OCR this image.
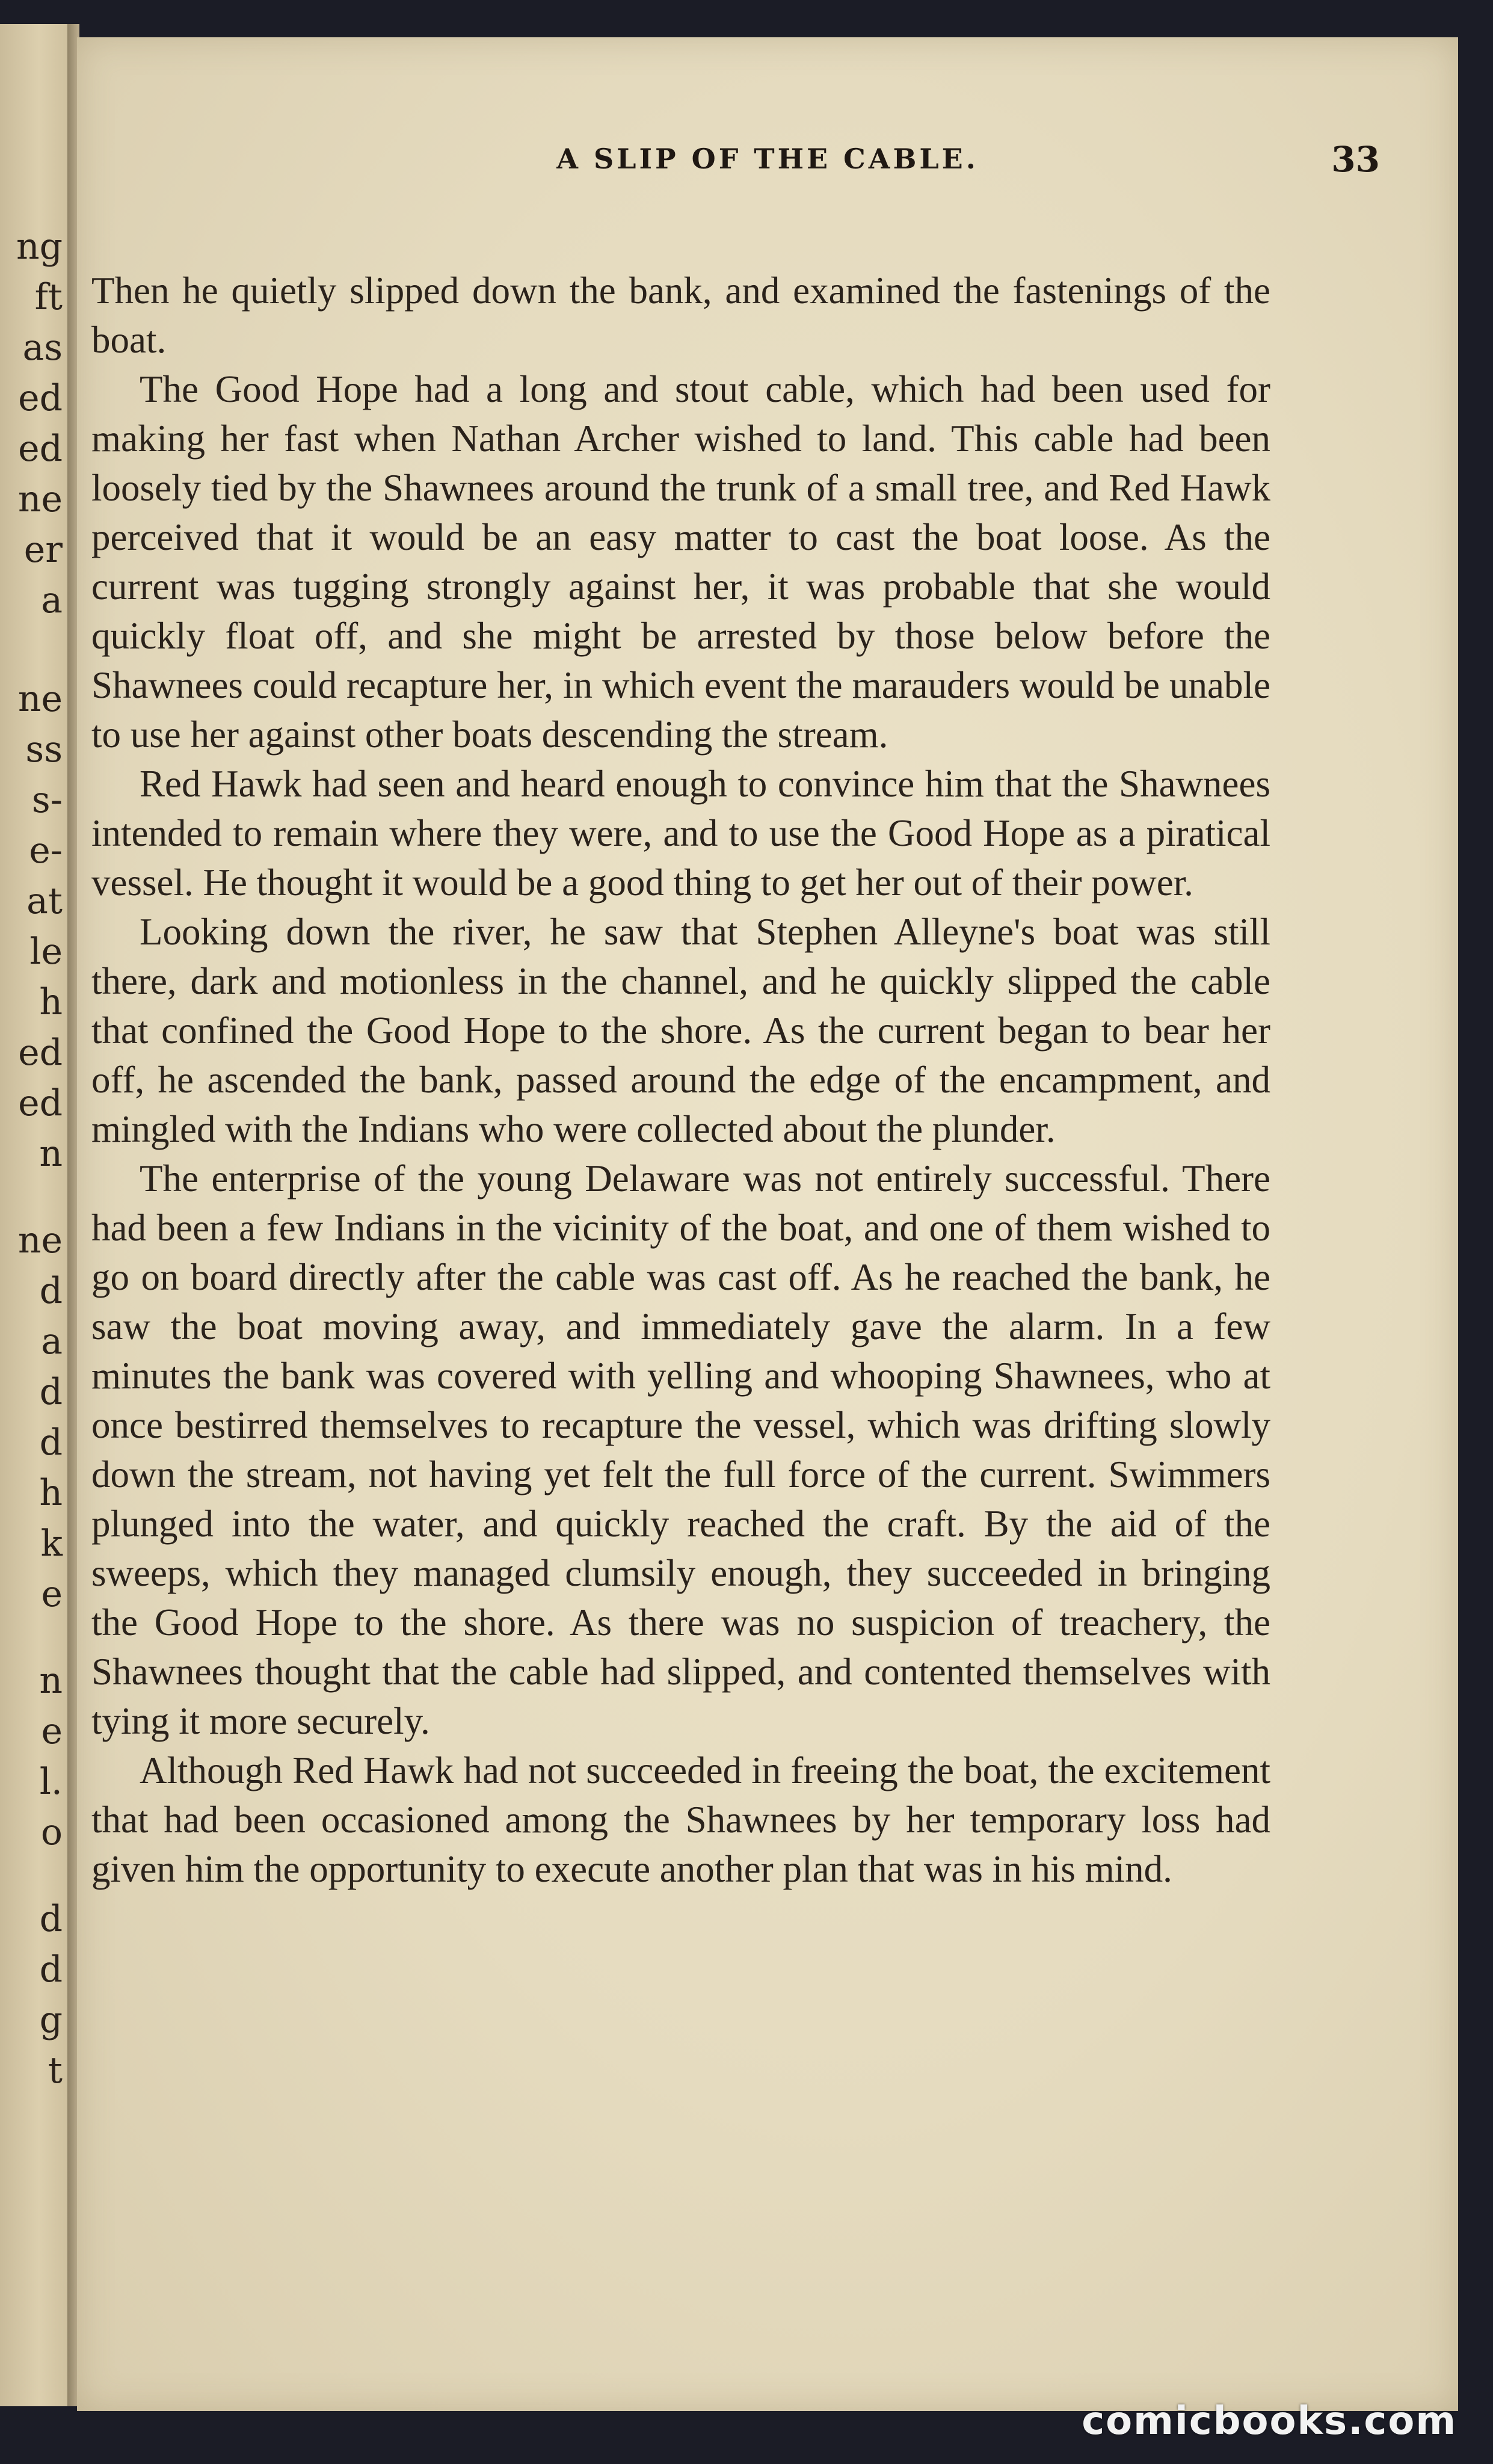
ng
ft
as
ed
ed
ne
er
a
ne
ss
s-
e-
at
le
h
ed
ed
n
ne
d
a
d
d
h
k
e
n
e
l.
o
d
d
g
t
A SLIP OF THE CABLE.	33

Then he quietly slipped down the bank, and examined the fastenings of the boat.

The Good Hope had a long and stout cable, which had been used for making her fast when Nathan Archer wished to land. This cable had been loosely tied by the Shawnees around the trunk of a small tree, and Red Hawk perceived that it would be an easy matter to cast the boat loose. As the current was tugging strongly against her, it was probable that she would quickly float off, and she might be arrested by those below before the Shawnees could recapture her, in which event the marauders would be unable to use her against other boats descending the stream.

Red Hawk had seen and heard enough to convince him that the Shawnees intended to remain where they were, and to use the Good Hope as a piratical vessel. He thought it would be a good thing to get her out of their power.

Looking down the river, he saw that Stephen Alleyne's boat was still there, dark and motionless in the channel, and he quickly slipped the cable that confined the Good Hope to the shore. As the current began to bear her off, he ascended the bank, passed around the edge of the encampment, and mingled with the Indians who were collected about the plunder.

The enterprise of the young Delaware was not entirely successful. There had been a few Indians in the vicinity of the boat, and one of them wished to go on board directly after the cable was cast off. As he reached the bank, he saw the boat moving away, and immediately gave the alarm. In a few minutes the bank was covered with yelling and whooping Shawnees, who at once bestirred themselves to recapture the vessel, which was drifting slowly down the stream, not having yet felt the full force of the current. Swimmers plunged into the water, and quickly reached the craft. By the aid of the sweeps, which they managed clumsily enough, they succeeded in bringing the Good Hope to the shore. As there was no suspicion of treachery, the Shawnees thought that the cable had slipped, and contented themselves with tying it more securely.

Although Red Hawk had not succeeded in freeing the boat, the excitement that had been occasioned among the Shawnees by her temporary loss had given him the opportunity to execute another plan that was in his mind.

comicbooks.com
